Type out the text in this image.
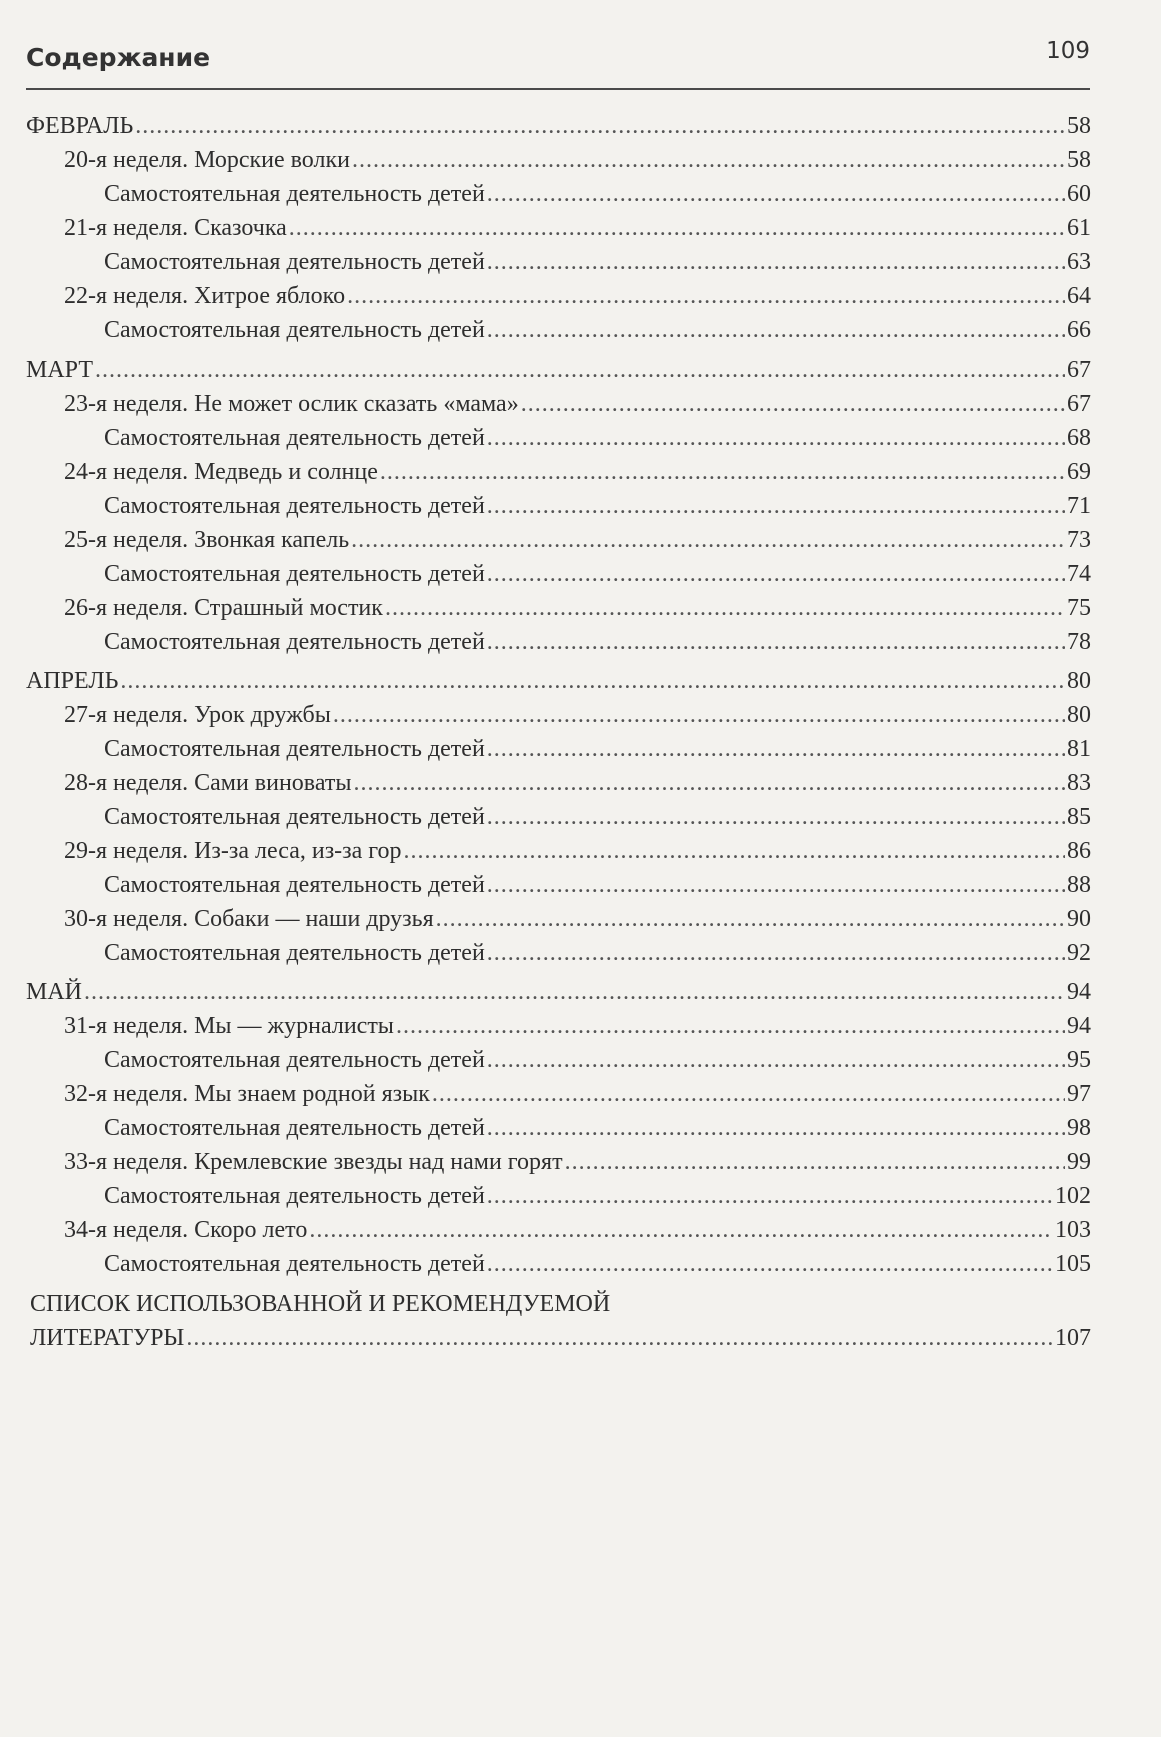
Содержание	109
ФЕВРАЛЬ .....	58
20-я неделя. Морские волки .....	58
Самостоятельная деятельность детей .....	60
21-я неделя. Сказочка .....	61
Самостоятельная деятельность детей .....	63
22-я неделя. Хитрое яблоко .....	64
Самостоятельная деятельность детей .....	66
МАРТ .....	67
23-я неделя. Не может ослик сказать «мама» .....	67
Самостоятельная деятельность детей .....	68
24-я неделя. Медведь и солнце .....	69
Самостоятельная деятельность детей .....	71
25-я неделя. Звонкая капель .....	73
Самостоятельная деятельность детей .....	74
26-я неделя. Страшный мостик .....	75
Самостоятельная деятельность детей .....	78
АПРЕЛЬ .....	80
27-я неделя. Урок дружбы .....	80
Самостоятельная деятельность детей .....	81
28-я неделя. Сами виноваты .....	83
Самостоятельная деятельность детей .....	85
29-я неделя. Из-за леса, из-за гор .....	86
Самостоятельная деятельность детей .....	88
30-я неделя. Собаки — наши друзья .....	90
Самостоятельная деятельность детей .....	92
МАЙ .....	94
31-я неделя. Мы — журналисты .....	94
Самостоятельная деятельность детей .....	95
32-я неделя. Мы знаем родной язык .....	97
Самостоятельная деятельность детей .....	98
33-я неделя. Кремлевские звезды над нами горят .....	99
Самостоятельная деятельность детей .....	102
34-я неделя. Скоро лето .....	103
Самостоятельная деятельность детей .....	105
СПИСОК ИСПОЛЬЗОВАННОЙ И РЕКОМЕНДУЕМОЙ
ЛИТЕРАТУРЫ .....	107
